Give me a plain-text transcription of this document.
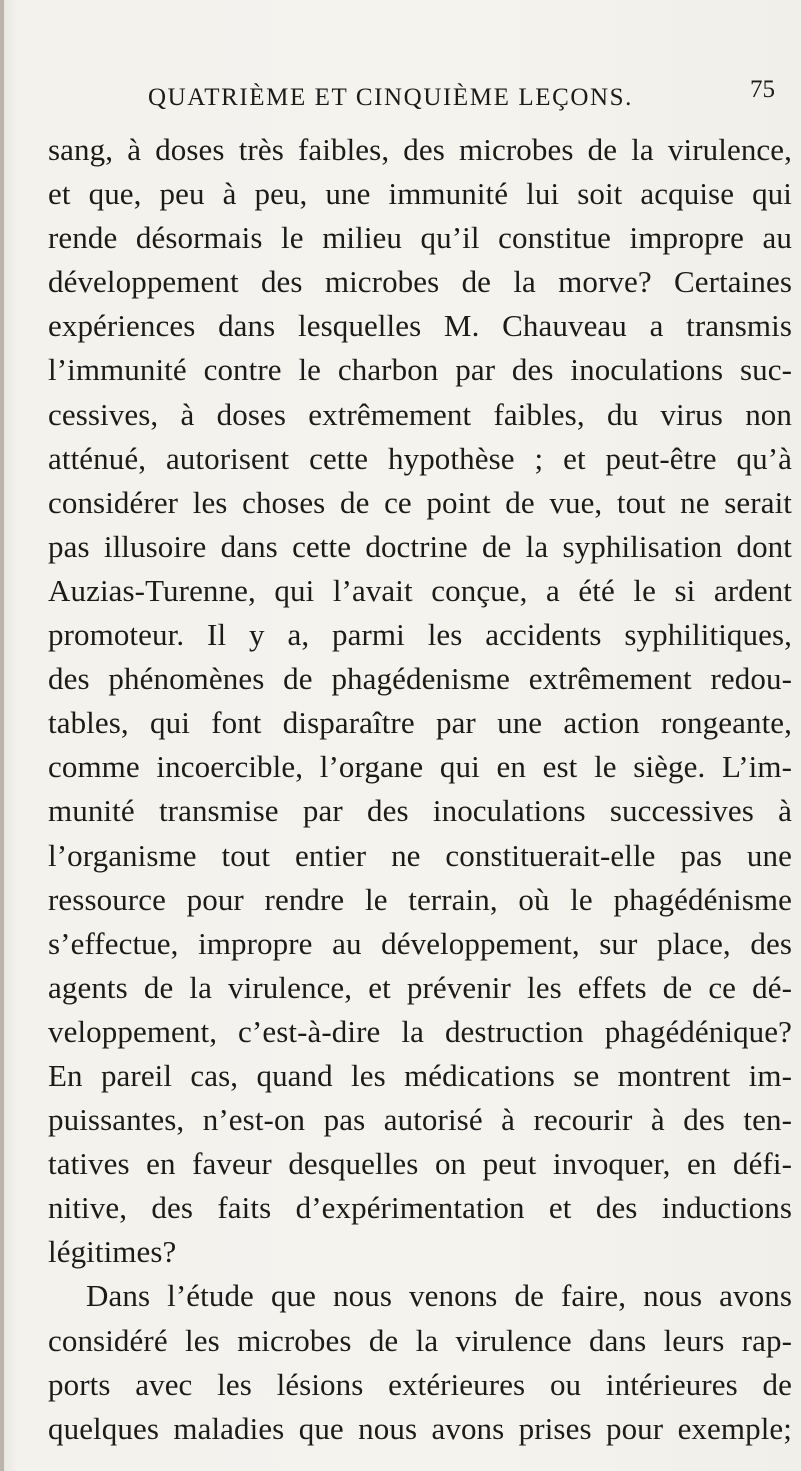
QUATRIÈME ET CINQUIÈME LEÇONS.	75
sang, à doses très faibles, des microbes de la virulence,
et que, peu à peu, une immunité lui soit acquise qui
rende désormais le milieu qu’il constitue impropre au
développement des microbes de la morve? Certaines
expériences dans lesquelles M. Chauveau a transmis
l’immunité contre le charbon par des inoculations suc-
cessives, à doses extrêmement faibles, du virus non
atténué, autorisent cette hypothèse ; et peut-être qu’à
considérer les choses de ce point de vue, tout ne serait
pas illusoire dans cette doctrine de la syphilisation dont
Auzias-Turenne, qui l’avait conçue, a été le si ardent
promoteur. Il y a, parmi les accidents syphilitiques,
des phénomènes de phagédenisme extrêmement redou-
tables, qui font disparaître par une action rongeante,
comme incoercible, l’organe qui en est le siège. L’im-
munité transmise par des inoculations successives à
l’organisme tout entier ne constituerait-elle pas une
ressource pour rendre le terrain, où le phagédénisme
s’effectue, impropre au développement, sur place, des
agents de la virulence, et prévenir les effets de ce dé-
veloppement, c’est-à-dire la destruction phagédénique?
En pareil cas, quand les médications se montrent im-
puissantes, n’est-on pas autorisé à recourir à des ten-
tatives en faveur desquelles on peut invoquer, en défi-
nitive, des faits d’expérimentation et des inductions
légitimes?
Dans l’étude que nous venons de faire, nous avons
considéré les microbes de la virulence dans leurs rap-
ports avec les lésions extérieures ou intérieures de
quelques maladies que nous avons prises pour exemple;
